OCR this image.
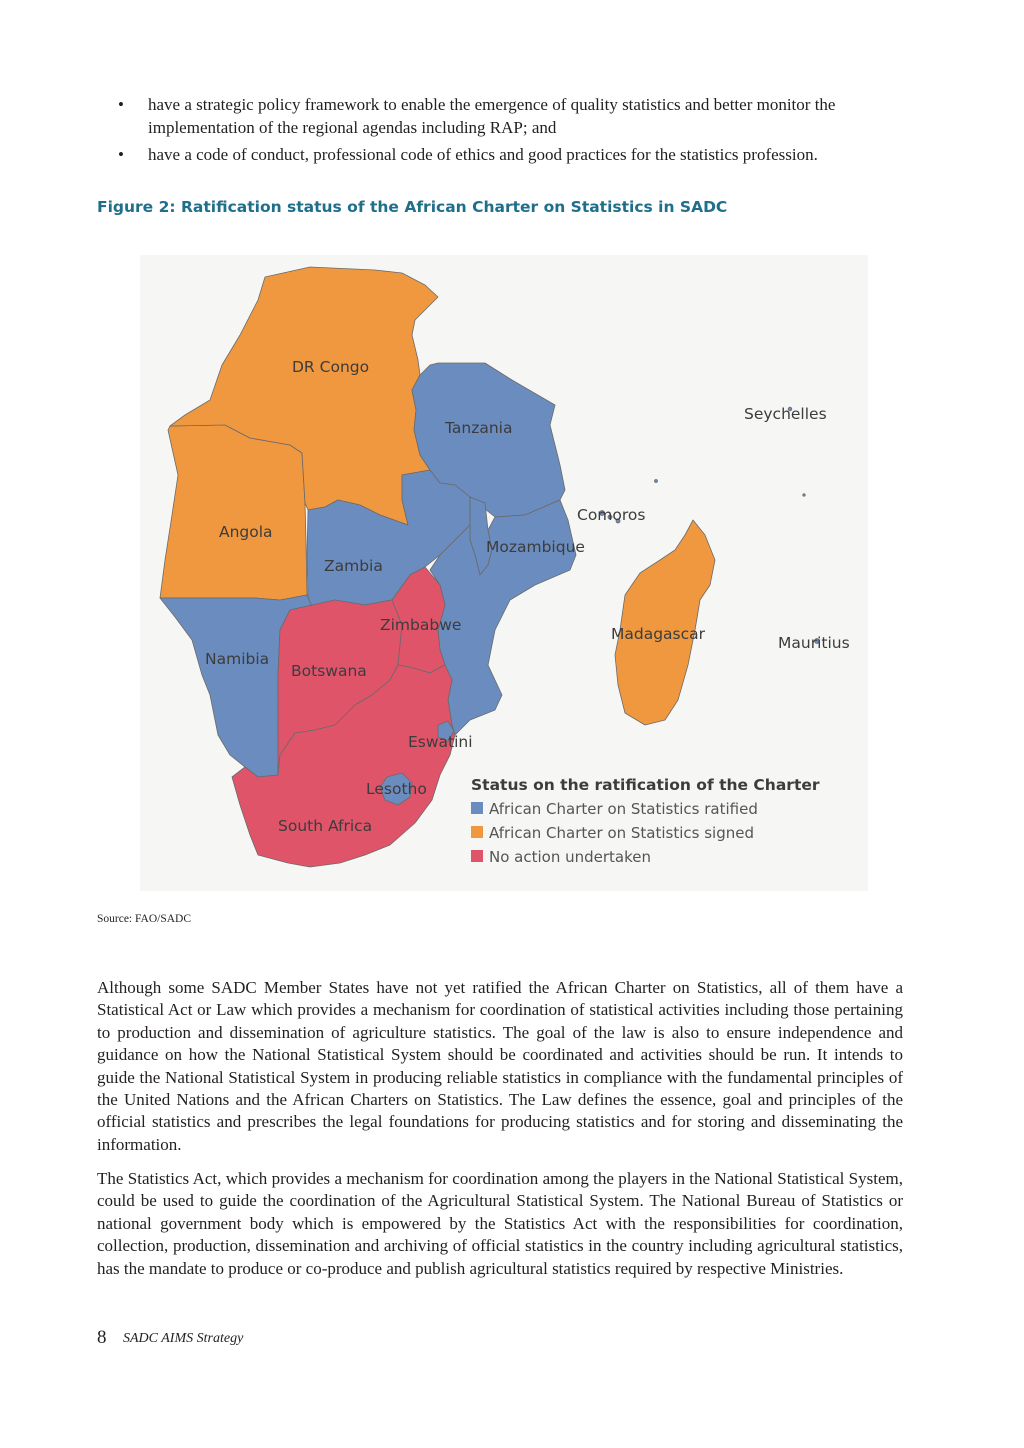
• have a strategic policy framework to enable the emergence of quality statistics and better monitor the implementation of the regional agendas including RAP; and
• have a code of conduct, professional code of ethics and good practices for the statistics profession.
Figure 2: Ratification status of the African Charter on Statistics in SADC
DR Congo
Tanzania
Seychelles
Angola
Comoros
Mozambique
Zambia
Zimbabwe	Madagascar	Mauritius
Namibia
Botswana
Eswatini
Lesotho
South Africa
Status on the ratification of the Charter
African Charter on Statistics ratified
African Charter on Statistics signed
No action undertaken
Source: FAO/SADC

Although some SADC Member States have not yet ratified the African Charter on Statistics, all of them have a Statistical Act or Law which provides a mechanism for coordination of statistical activities including those pertaining to production and dissemination of agriculture statistics. The goal of the law is also to ensure independence and guidance on how the National Statistical System should be coordinated and activities should be run. It intends to guide the National Statistical System in producing reliable statistics in compliance with the fundamental principles of the United Nations and the African Charters on Statistics. The Law defines the essence, goal and principles of the official statistics and prescribes the legal foundations for producing statistics and for storing and disseminating the information.

The Statistics Act, which provides a mechanism for coordination among the players in the National Statistical System, could be used to guide the coordination of the Agricultural Statistical System. The National Bureau of Statistics or national government body which is empowered by the Statistics Act with the responsibilities for coordination, collection, production, dissemination and archiving of official statistics in the country including agricultural statistics, has the mandate to produce or co-produce and publish agricultural statistics required by respective Ministries.

8 SADC AIMS Strategy
